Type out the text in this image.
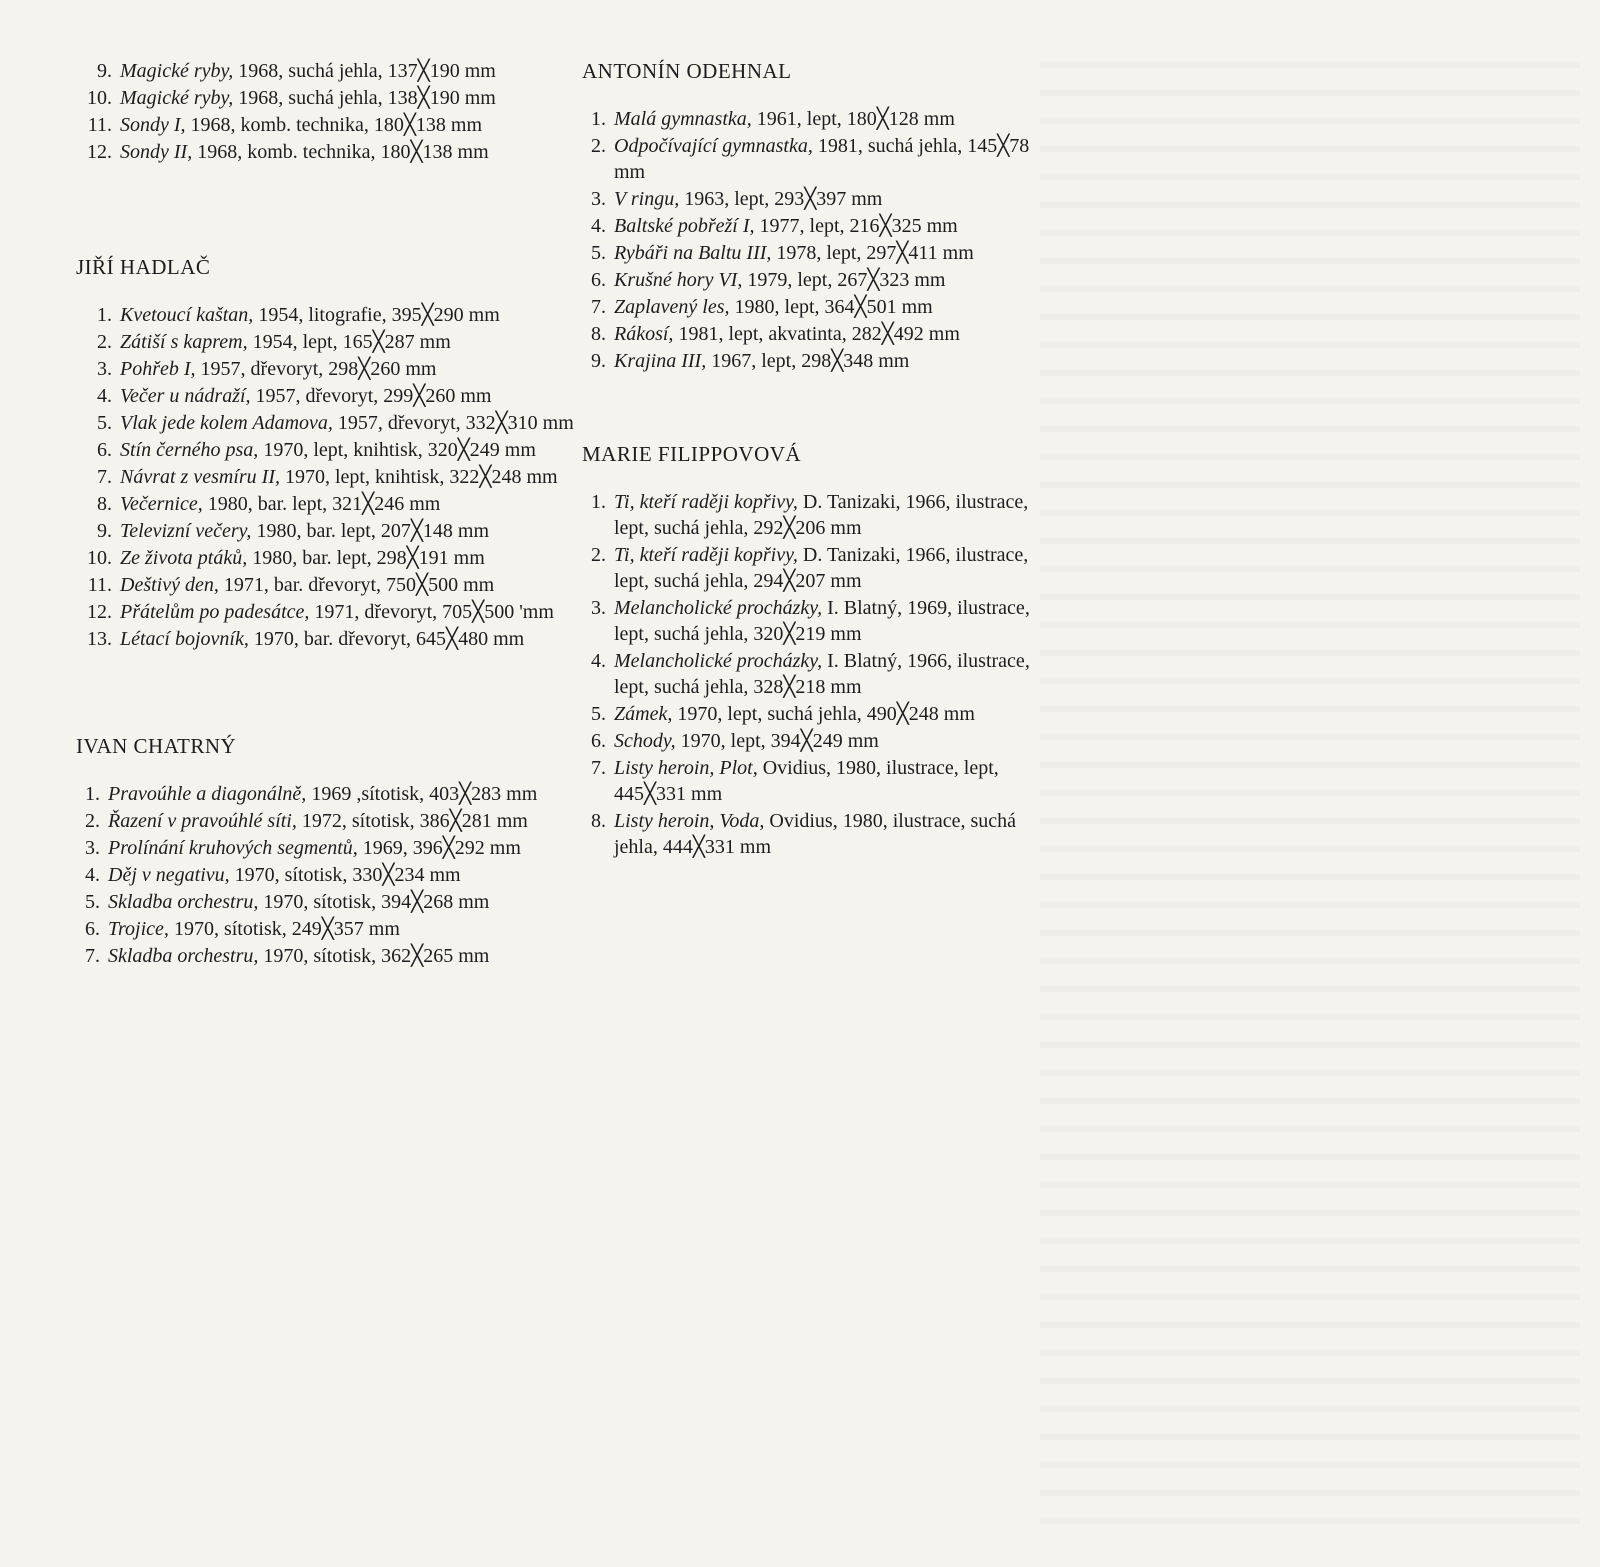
9. Magické ryby, 1968, suchá jehla, 137╳190 mm
10. Magické ryby, 1968, suchá jehla, 138╳190 mm
11. Sondy I, 1968, komb. technika, 180╳138 mm
12. Sondy II, 1968, komb. technika, 180╳138 mm
JIŘÍ HADLAČ
1. Kvetoucí kaštan, 1954, litografie, 395╳290 mm
2. Zátiší s kaprem, 1954, lept, 165╳287 mm
3. Pohřeb I, 1957, dřevoryt, 298╳260 mm
4. Večer u nádraží, 1957, dřevoryt, 299╳260 mm
5. Vlak jede kolem Adamova, 1957, dřevoryt, 332╳310 mm
6. Stín černého psa, 1970, lept, knihtisk, 320╳249 mm
7. Návrat z vesmíru II, 1970, lept, knihtisk, 322╳248 mm
8. Večernice, 1980, bar. lept, 321╳246 mm
9. Televizní večery, 1980, bar. lept, 207╳148 mm
10. Ze života ptáků, 1980, bar. lept, 298╳191 mm
11. Deštivý den, 1971, bar. dřevoryt, 750╳500 mm
12. Přátelům po padesátce, 1971, dřevoryt, 705╳500 'mm
13. Létací bojovník, 1970, bar. dřevoryt, 645╳480 mm
IVAN CHATRNÝ
1. Pravoúhle a diagonálně, 1969 ,sítotisk, 403╳283 mm
2. Řazení v pravoúhlé síti, 1972, sítotisk, 386╳281 mm
3. Prolínání kruhových segmentů, 1969, 396╳292 mm
4. Děj v negativu, 1970, sítotisk, 330╳234 mm
5. Skladba orchestru, 1970, sítotisk, 394╳268 mm
6. Trojice, 1970, sítotisk, 249╳357 mm
7. Skladba orchestru, 1970, sítotisk, 362╳265 mm
ANTONÍN ODEHNAL
1. Malá gymnastka, 1961, lept, 180╳128 mm
2. Odpočívající gymnastka, 1981, suchá jehla, 145╳78 mm
3. V ringu, 1963, lept, 293╳397 mm
4. Baltské pobřeží I, 1977, lept, 216╳325 mm
5. Rybáři na Baltu III, 1978, lept, 297╳411 mm
6. Krušné hory VI, 1979, lept, 267╳323 mm
7. Zaplavený les, 1980, lept, 364╳501 mm
8. Rákosí, 1981, lept, akvatinta, 282╳492 mm
9. Krajina III, 1967, lept, 298╳348 mm
MARIE FILIPPOVOVÁ
1. Ti, kteří raději kopřivy, D. Tanizaki, 1966, ilustrace, lept, suchá jehla, 292╳206 mm
2. Ti, kteří raději kopřivy, D. Tanizaki, 1966, ilustrace, lept, suchá jehla, 294╳207 mm
3. Melancholické procházky, I. Blatný, 1969, ilustrace, lept, suchá jehla, 320╳219 mm
4. Melancholické procházky, I. Blatný, 1966, ilustrace, lept, suchá jehla, 328╳218 mm
5. Zámek, 1970, lept, suchá jehla, 490╳248 mm
6. Schody, 1970, lept, 394╳249 mm
7. Listy heroin, Plot, Ovidius, 1980, ilustrace, lept, 445╳331 mm
8. Listy heroin, Voda, Ovidius, 1980, ilustrace, suchá jehla, 444╳331 mm
